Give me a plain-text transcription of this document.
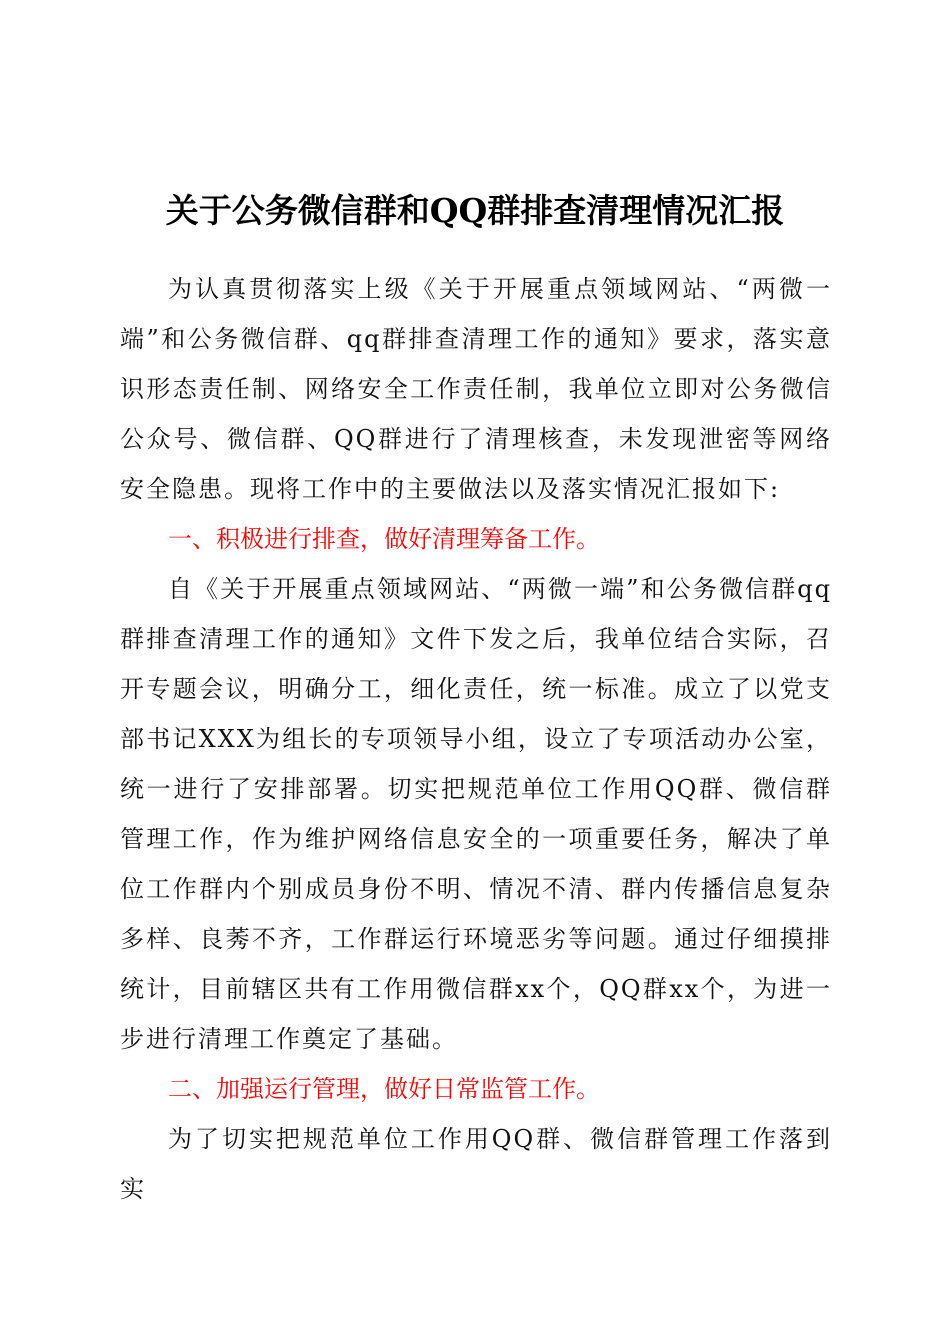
关于公务微信群和QQ群排查清理情况汇报

为认真贯彻落实上级《关于开展重点领域网站、“两微一端”和公务微信群、qq群排查清理工作的通知》要求，落实意识形态责任制、网络安全工作责任制，我单位立即对公务微信公众号、微信群、QQ群进行了清理核查，未发现泄密等网络安全隐患。现将工作中的主要做法以及落实情况汇报如下:

一、积极进行排查，做好清理筹备工作。

自《关于开展重点领域网站、“两微一端”和公务微信群qq群排查清理工作的通知》文件下发之后，我单位结合实际，召开专题会议，明确分工，细化责任，统一标准。成立了以党支部书记XXX为组长的专项领导小组，设立了专项活动办公室，统一进行了安排部署。切实把规范单位工作用QQ群、微信群管理工作，作为维护网络信息安全的一项重要任务，解决了单位工作群内个别成员身份不明、情况不清、群内传播信息复杂多样、良莠不齐，工作群运行环境恶劣等问题。通过仔细摸排统计，目前辖区共有工作用微信群xx个，QQ群xx个，为进一步进行清理工作奠定了基础。

二、加强运行管理，做好日常监管工作。

为了切实把规范单位工作用QQ群、微信群管理工作落到实
